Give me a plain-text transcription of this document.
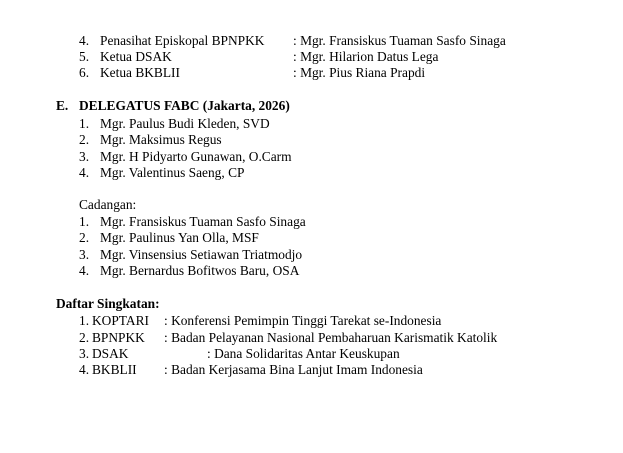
4. Penasihat Episkopal BPNPKK : Mgr. Fransiskus Tuaman Sasfo Sinaga
5. Ketua DSAK	: Mgr. Hilarion Datus Lega
6. Ketua BKBLII	: Mgr. Pius Riana Prapdi
E. DELEGATUS FABC (Jakarta, 2026)
1. Mgr. Paulus Budi Kleden, SVD
2. Mgr. Maksimus Regus
3. Mgr. H Pidyarto Gunawan, O.Carm
4. Mgr. Valentinus Saeng, CP
Cadangan:
1. Mgr. Fransiskus Tuaman Sasfo Sinaga
2. Mgr. Paulinus Yan Olla, MSF
3. Mgr. Vinsensius Setiawan Triatmodjo
4. Mgr. Bernardus Bofitwos Baru, OSA
Daftar Singkatan:
1. KOPTARI : Konferensi Pemimpin Tinggi Tarekat se-Indonesia
2. BPNPKK : Badan Pelayanan Nasional Pembaharuan Karismatik Katolik
3. DSAK	: Dana Solidaritas Antar Keuskupan
4. BKBLII : Badan Kerjasama Bina Lanjut Imam Indonesia
